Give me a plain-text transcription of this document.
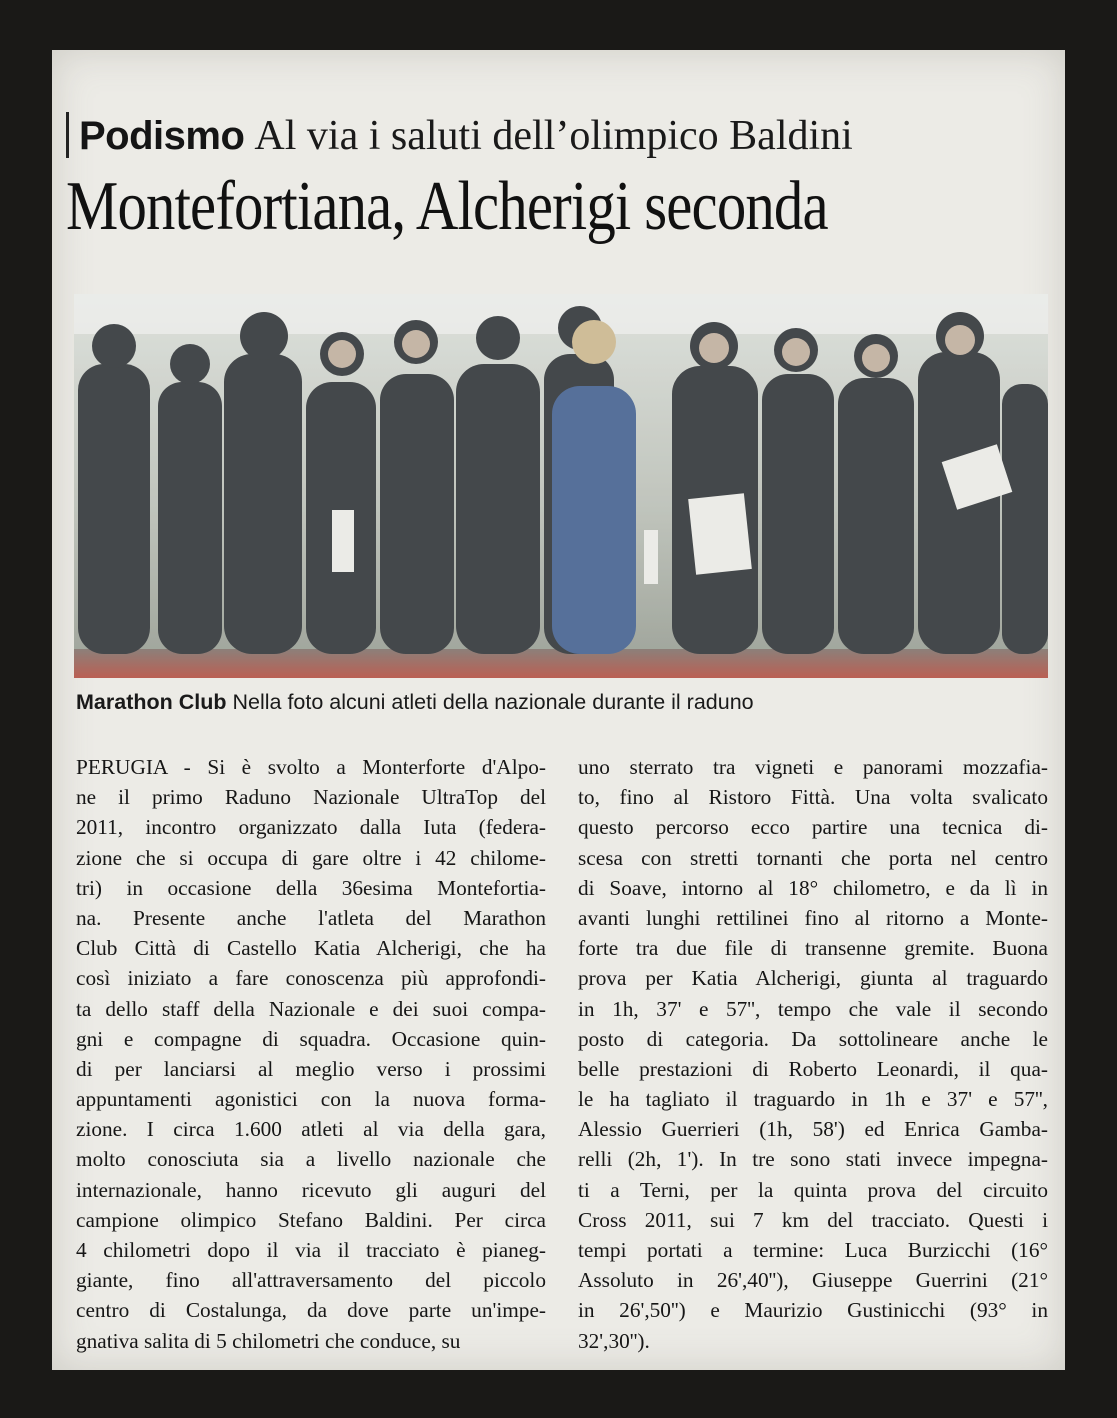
Podismo Al via i saluti dell’olimpico Baldini
Montefortiana, Alcherigi seconda
Marathon Club Nella foto alcuni atleti della nazionale durante il raduno
PERUGIA - Si è svolto a Monterforte d'Alpo-
ne il primo Raduno Nazionale UltraTop del
2011, incontro organizzato dalla Iuta (federa-
zione che si occupa di gare oltre i 42 chilome-
tri) in occasione della 36esima Montefortia-
na. Presente anche l'atleta del Marathon
Club Città di Castello Katia Alcherigi, che ha
così iniziato a fare conoscenza più approfondi-
ta dello staff della Nazionale e dei suoi compa-
gni e compagne di squadra. Occasione quin-
di per lanciarsi al meglio verso i prossimi
appuntamenti agonistici con la nuova forma-
zione. I circa 1.600 atleti al via della gara,
molto conosciuta sia a livello nazionale che
internazionale, hanno ricevuto gli auguri del
campione olimpico Stefano Baldini. Per circa
4 chilometri dopo il via il tracciato è pianeg-
giante, fino all'attraversamento del piccolo
centro di Costalunga, da dove parte un'impe-
gnativa salita di 5 chilometri che conduce, su
uno sterrato tra vigneti e panorami mozzafia-
to, fino al Ristoro Fittà. Una volta svalicato
questo percorso ecco partire una tecnica di-
scesa con stretti tornanti che porta nel centro
di Soave, intorno al 18° chilometro, e da lì in
avanti lunghi rettilinei fino al ritorno a Monte-
forte tra due file di transenne gremite. Buona
prova per Katia Alcherigi, giunta al traguardo
in 1h, 37' e 57'', tempo che vale il secondo
posto di categoria. Da sottolineare anche le
belle prestazioni di Roberto Leonardi, il qua-
le ha tagliato il traguardo in 1h e 37' e 57'',
Alessio Guerrieri (1h, 58') ed Enrica Gamba-
relli (2h, 1'). In tre sono stati invece impegna-
ti a Terni, per la quinta prova del circuito
Cross 2011, sui 7 km del tracciato. Questi i
tempi portati a termine: Luca Burzicchi (16°
Assoluto in 26',40''), Giuseppe Guerrini (21°
in 26',50'') e Maurizio Gustinicchi (93° in
32',30'').
